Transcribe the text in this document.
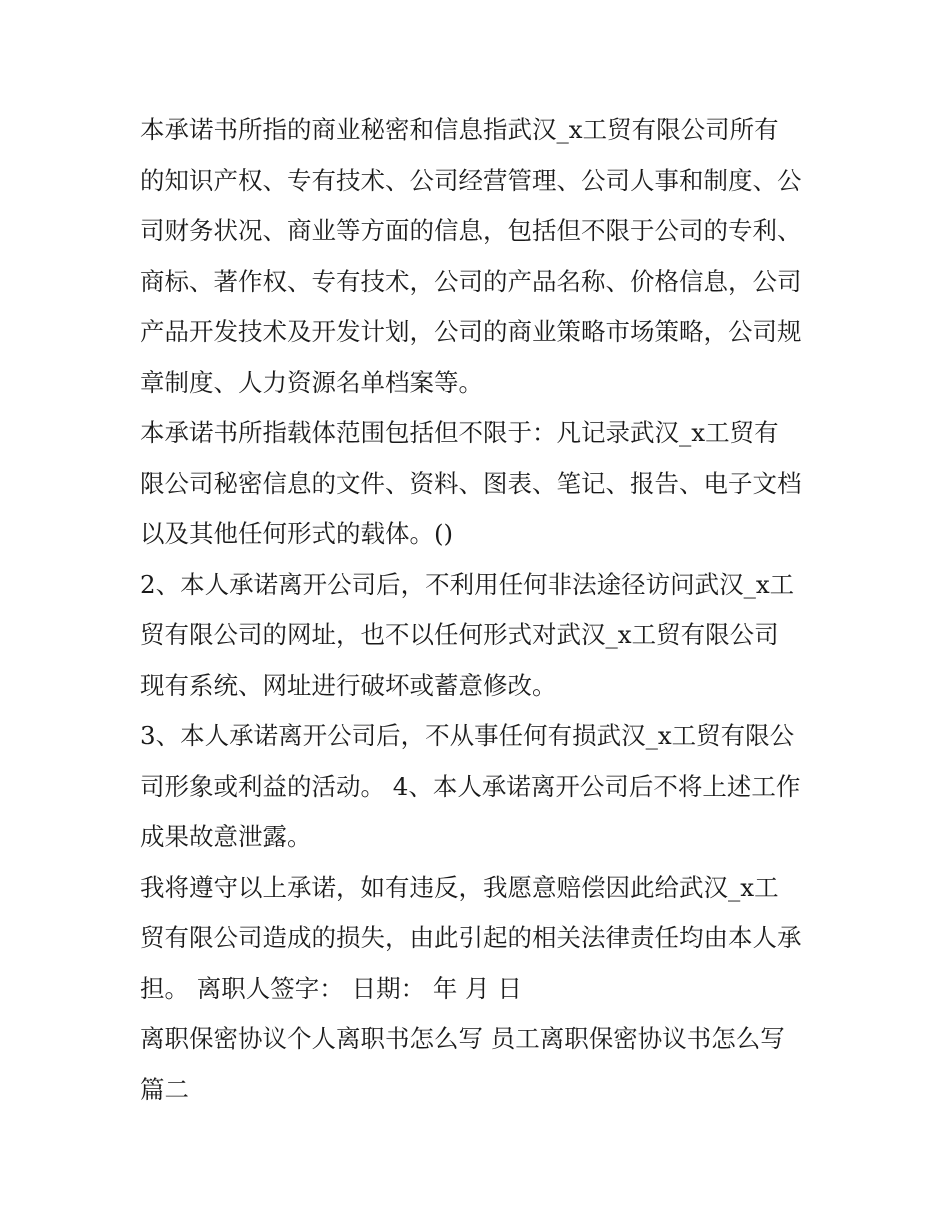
本承诺书所指的商业秘密和信息指武汉_x工贸有限公司所有

的知识产权、专有技术、公司经营管理、公司人事和制度、公

司财务状况、商业等方面的信息，包括但不限于公司的专利、

商标、著作权、专有技术，公司的产品名称、价格信息，公司

产品开发技术及开发计划，公司的商业策略市场策略，公司规

章制度、人力资源名单档案等。

本承诺书所指载体范围包括但不限于：凡记录武汉_x工贸有

限公司秘密信息的文件、资料、图表、笔记、报告、电子文档

以及其他任何形式的载体。()

2、本人承诺离开公司后，不利用任何非法途径访问武汉_x工

贸有限公司的网址，也不以任何形式对武汉_x工贸有限公司

现有系统、网址进行破坏或蓄意修改。

3、本人承诺离开公司后，不从事任何有损武汉_x工贸有限公

司形象或利益的活动。 4、本人承诺离开公司后不将上述工作

成果故意泄露。

我将遵守以上承诺，如有违反，我愿意赔偿因此给武汉_x工

贸有限公司造成的损失，由此引起的相关法律责任均由本人承

担。 离职人签字： 日期： 年 月 日

离职保密协议个人离职书怎么写 员工离职保密协议书怎么写

篇二
